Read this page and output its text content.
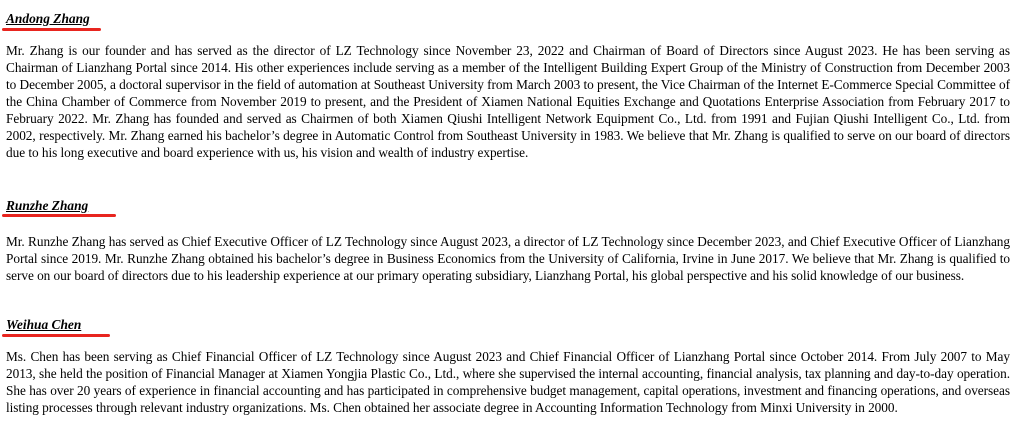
Andong Zhang

Mr. Zhang is our founder and has served as the director of LZ Technology since November 23, 2022 and Chairman of Board of Directors since August 2023. He has been serving as Chairman of Lianzhang Portal since 2014. His other experiences include serving as a member of the Intelligent Building Expert Group of the Ministry of Construction from December 2003 to December 2005, a doctoral supervisor in the field of automation at Southeast University from March 2003 to present, the Vice Chairman of the Internet E-Commerce Special Committee of the China Chamber of Commerce from November 2019 to present, and the President of Xiamen National Equities Exchange and Quotations Enterprise Association from February 2017 to February 2022. Mr. Zhang has founded and served as Chairmen of both Xiamen Qiushi Intelligent Network Equipment Co., Ltd. from 1991 and Fujian Qiushi Intelligent Co., Ltd. from 2002, respectively. Mr. Zhang earned his bachelor’s degree in Automatic Control from Southeast University in 1983. We believe that Mr. Zhang is qualified to serve on our board of directors due to his long executive and board experience with us, his vision and wealth of industry expertise.

Runzhe Zhang

Mr. Runzhe Zhang has served as Chief Executive Officer of LZ Technology since August 2023, a director of LZ Technology since December 2023, and Chief Executive Officer of Lianzhang Portal since 2019. Mr. Runzhe Zhang obtained his bachelor’s degree in Business Economics from the University of California, Irvine in June 2017. We believe that Mr. Zhang is qualified to serve on our board of directors due to his leadership experience at our primary operating subsidiary, Lianzhang Portal, his global perspective and his solid knowledge of our business.

Weihua Chen

Ms. Chen has been serving as Chief Financial Officer of LZ Technology since August 2023 and Chief Financial Officer of Lianzhang Portal since October 2014. From July 2007 to May 2013, she held the position of Financial Manager at Xiamen Yongjia Plastic Co., Ltd., where she supervised the internal accounting, financial analysis, tax planning and day-to-day operation. She has over 20 years of experience in financial accounting and has participated in comprehensive budget management, capital operations, investment and financing operations, and overseas listing processes through relevant industry organizations. Ms. Chen obtained her associate degree in Accounting Information Technology from Minxi University in 2000.
